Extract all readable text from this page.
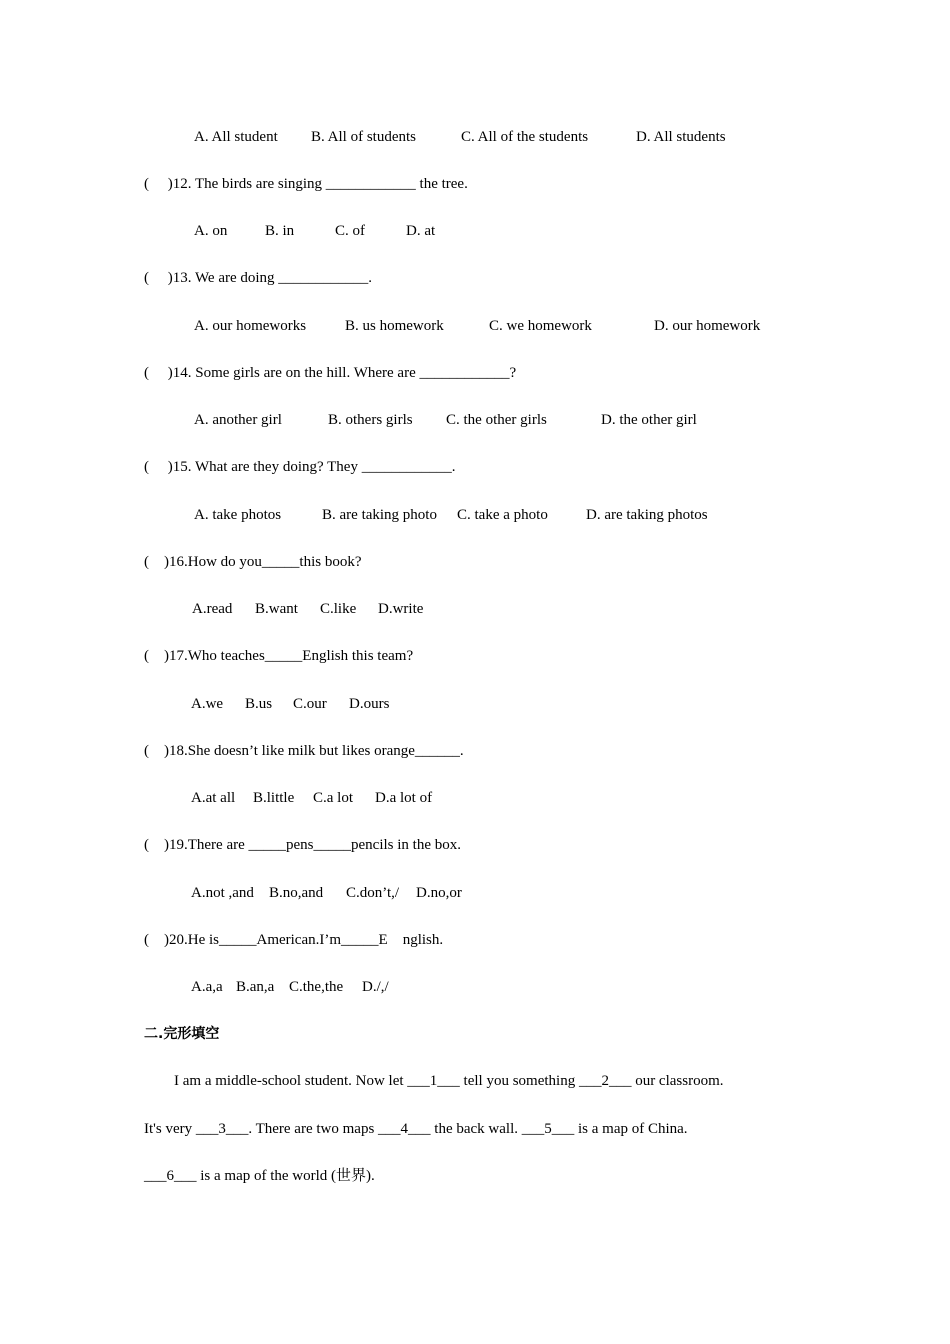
A. All student B. All of students	C. All of the students	D. All students
(     )12. The birds are singing ____________ the tree.
A. on	B. in	C. of	D. at
(     )13. We are doing ____________.
A. our homeworks	B. us homework	C. we homework	D. our homework
(     )14. Some girls are on the hill. Where are ____________?
A. another girl	B. others girls C. the other girls	D. the other girl
(     )15. What are they doing? They ____________.
A. take photos	B. are taking photo C. take a photo	D. are taking photos
(    )16.How do you_____this book?
A.read B.want C.like D.write
(    )17.Who teaches_____English this team?
A.we B.us C.our D.ours
(    )18.She doesn’t like milk but likes orange______.
A.at all B.little C.a lot D.a lot of
(    )19.There are _____pens_____pencils in the box.
A.not ,and B.no,and C.don’t,/ D.no,or
(    )20.He is_____American.I’m_____E    nglish.
A.a,a B.an,a C.the,the D./,/
二.完形填空
I am a middle-school student. Now let ___1___ tell you something ___2___ our classroom.
It's very ___3___. There are two maps ___4___ the back wall. ___5___ is a map of China.
___6___ is a map of the world (世界).
